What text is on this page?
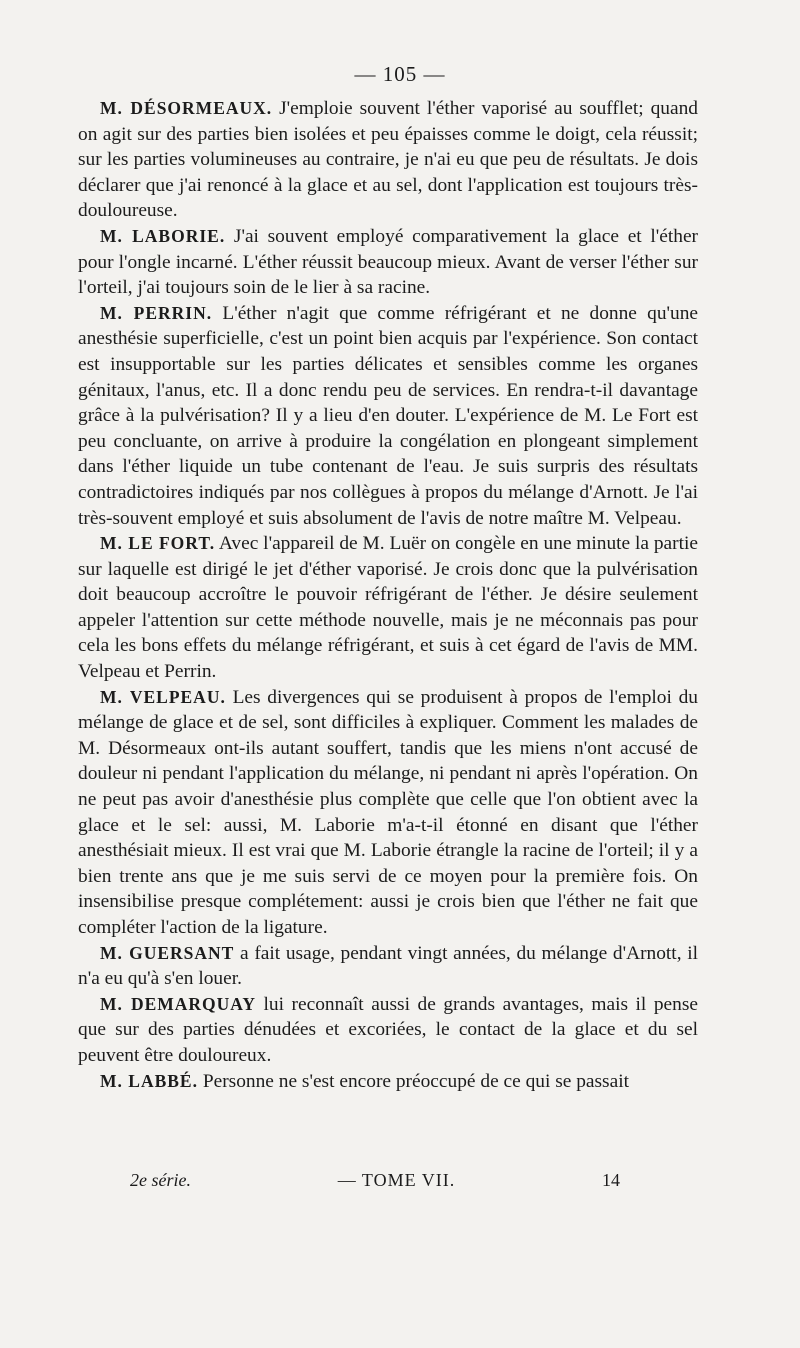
— 105 —

M. DÉSORMEAUX. J'emploie souvent l'éther vaporisé au soufflet; quand on agit sur des parties bien isolées et peu épaisses comme le doigt, cela réussit; sur les parties volumineuses au contraire, je n'ai eu que peu de résultats. Je dois déclarer que j'ai renoncé à la glace et au sel, dont l'application est toujours très-douloureuse.

M. LABORIE. J'ai souvent employé comparativement la glace et l'éther pour l'ongle incarné. L'éther réussit beaucoup mieux. Avant de verser l'éther sur l'orteil, j'ai toujours soin de le lier à sa racine.

M. PERRIN. L'éther n'agit que comme réfrigérant et ne donne qu'une anesthésie superficielle, c'est un point bien acquis par l'expérience. Son contact est insupportable sur les parties délicates et sensibles comme les organes génitaux, l'anus, etc. Il a donc rendu peu de services. En rendra-t-il davantage grâce à la pulvérisation? Il y a lieu d'en douter. L'expérience de M. Le Fort est peu concluante, on arrive à produire la congélation en plongeant simplement dans l'éther liquide un tube contenant de l'eau. Je suis surpris des résultats contradictoires indiqués par nos collègues à propos du mélange d'Arnott. Je l'ai très-souvent employé et suis absolument de l'avis de notre maître M. Velpeau.

M. LE FORT. Avec l'appareil de M. Luër on congèle en une minute la partie sur laquelle est dirigé le jet d'éther vaporisé. Je crois donc que la pulvérisation doit beaucoup accroître le pouvoir réfrigérant de l'éther. Je désire seulement appeler l'attention sur cette méthode nouvelle, mais je ne méconnais pas pour cela les bons effets du mélange réfrigérant, et suis à cet égard de l'avis de MM. Velpeau et Perrin.

M. VELPEAU. Les divergences qui se produisent à propos de l'emploi du mélange de glace et de sel, sont difficiles à expliquer. Comment les malades de M. Désormeaux ont-ils autant souffert, tandis que les miens n'ont accusé de douleur ni pendant l'application du mélange, ni pendant ni après l'opération. On ne peut pas avoir d'anesthésie plus complète que celle que l'on obtient avec la glace et le sel: aussi, M. Laborie m'a-t-il étonné en disant que l'éther anesthésiait mieux. Il est vrai que M. Laborie étrangle la racine de l'orteil; il y a bien trente ans que je me suis servi de ce moyen pour la première fois. On insensibilise presque complétement: aussi je crois bien que l'éther ne fait que compléter l'action de la ligature.

M. GUERSANT a fait usage, pendant vingt années, du mélange d'Arnott, il n'a eu qu'à s'en louer.

M. DEMARQUAY lui reconnaît aussi de grands avantages, mais il pense que sur des parties dénudées et excoriées, le contact de la glace et du sel peuvent être douloureux.

M. LABBÉ. Personne ne s'est encore préoccupé de ce qui se passait

2e série.	— TOME VII.	14
